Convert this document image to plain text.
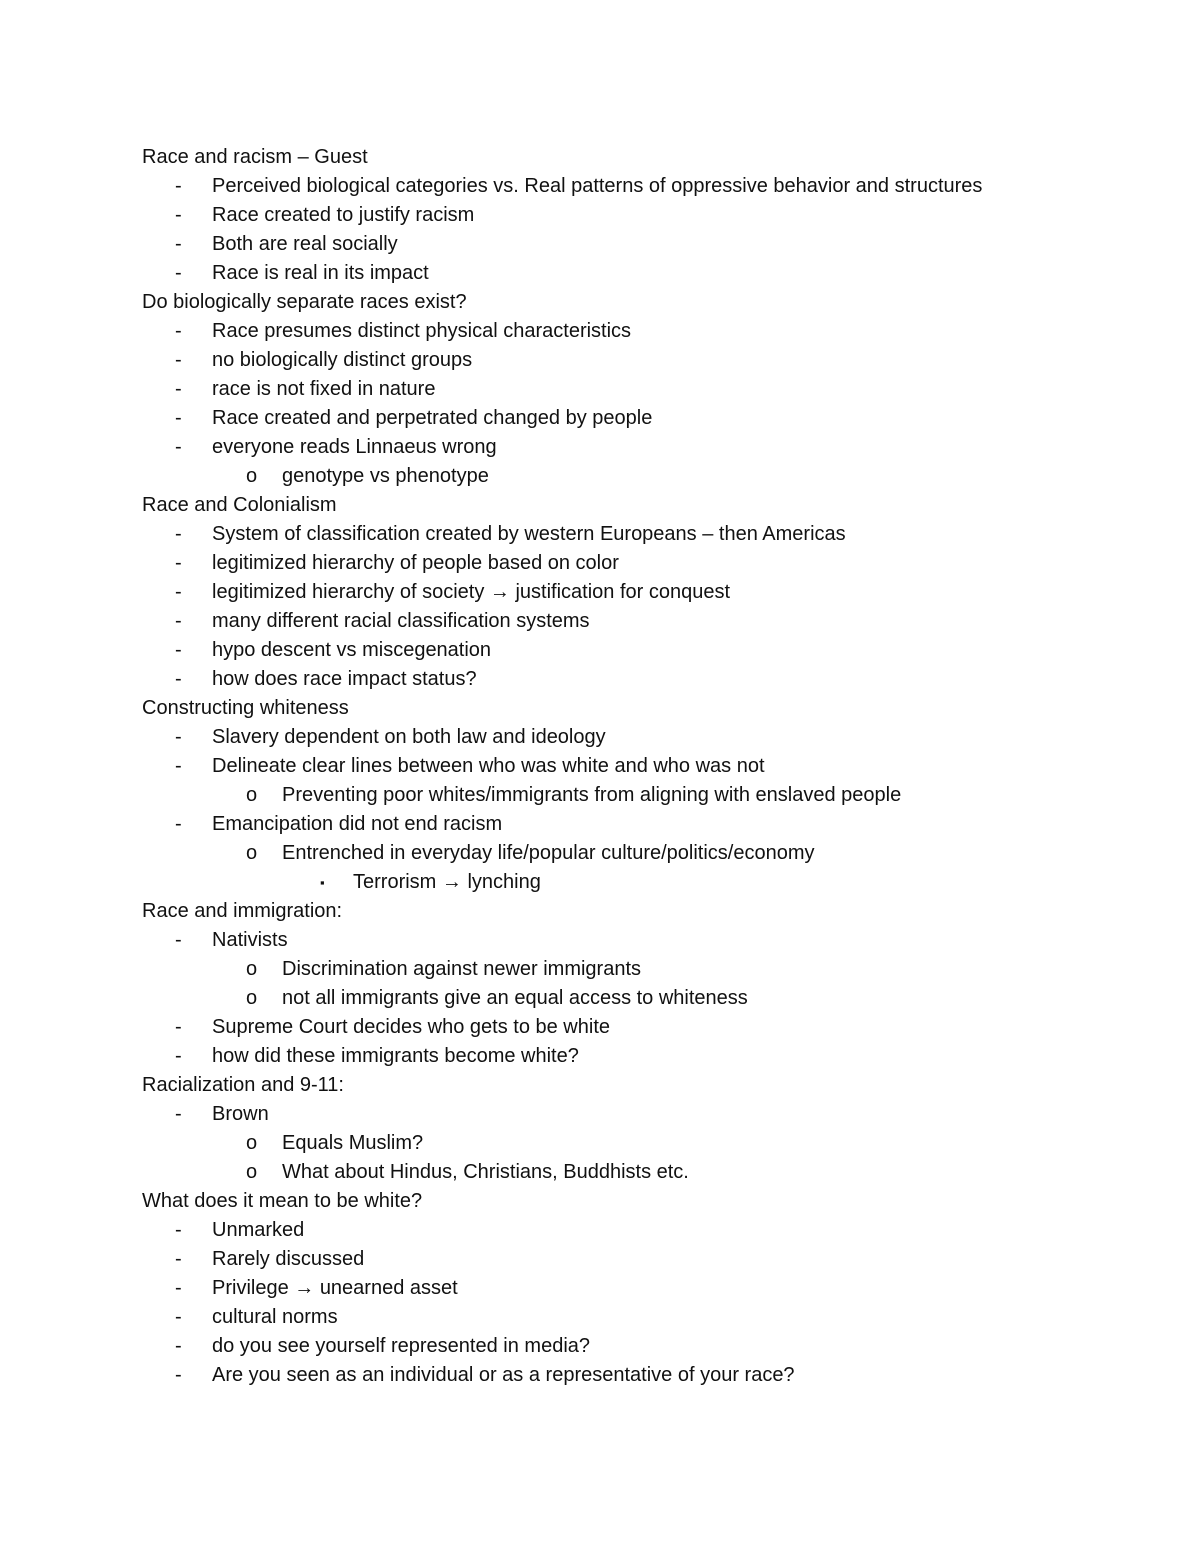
Race and racism – Guest
- Perceived biological categories vs. Real patterns of oppressive behavior and structures
- Race created to justify racism
- Both are real socially
- Race is real in its impact
Do biologically separate races exist?
- Race presumes distinct physical characteristics
- no biologically distinct groups
- race is not fixed in nature
- Race created and perpetrated changed by people
- everyone reads Linnaeus wrong
o genotype vs phenotype
Race and Colonialism
- System of classification created by western Europeans – then Americas
- legitimized hierarchy of people based on color
- legitimized hierarchy of society → justification for conquest
- many different racial classification systems
- hypo descent vs miscegenation
- how does race impact status?
Constructing whiteness
- Slavery dependent on both law and ideology
- Delineate clear lines between who was white and who was not
o Preventing poor whites/immigrants from aligning with enslaved people
- Emancipation did not end racism
o Entrenched in everyday life/popular culture/politics/economy
▪ Terrorism → lynching
Race and immigration:
- Nativists
o Discrimination against newer immigrants
o not all immigrants give an equal access to whiteness
- Supreme Court decides who gets to be white
- how did these immigrants become white?
Racialization and 9-11:
- Brown
o Equals Muslim?
o What about Hindus, Christians, Buddhists etc.
What does it mean to be white?
- Unmarked
- Rarely discussed
- Privilege → unearned asset
- cultural norms
- do you see yourself represented in media?
- Are you seen as an individual or as a representative of your race?
